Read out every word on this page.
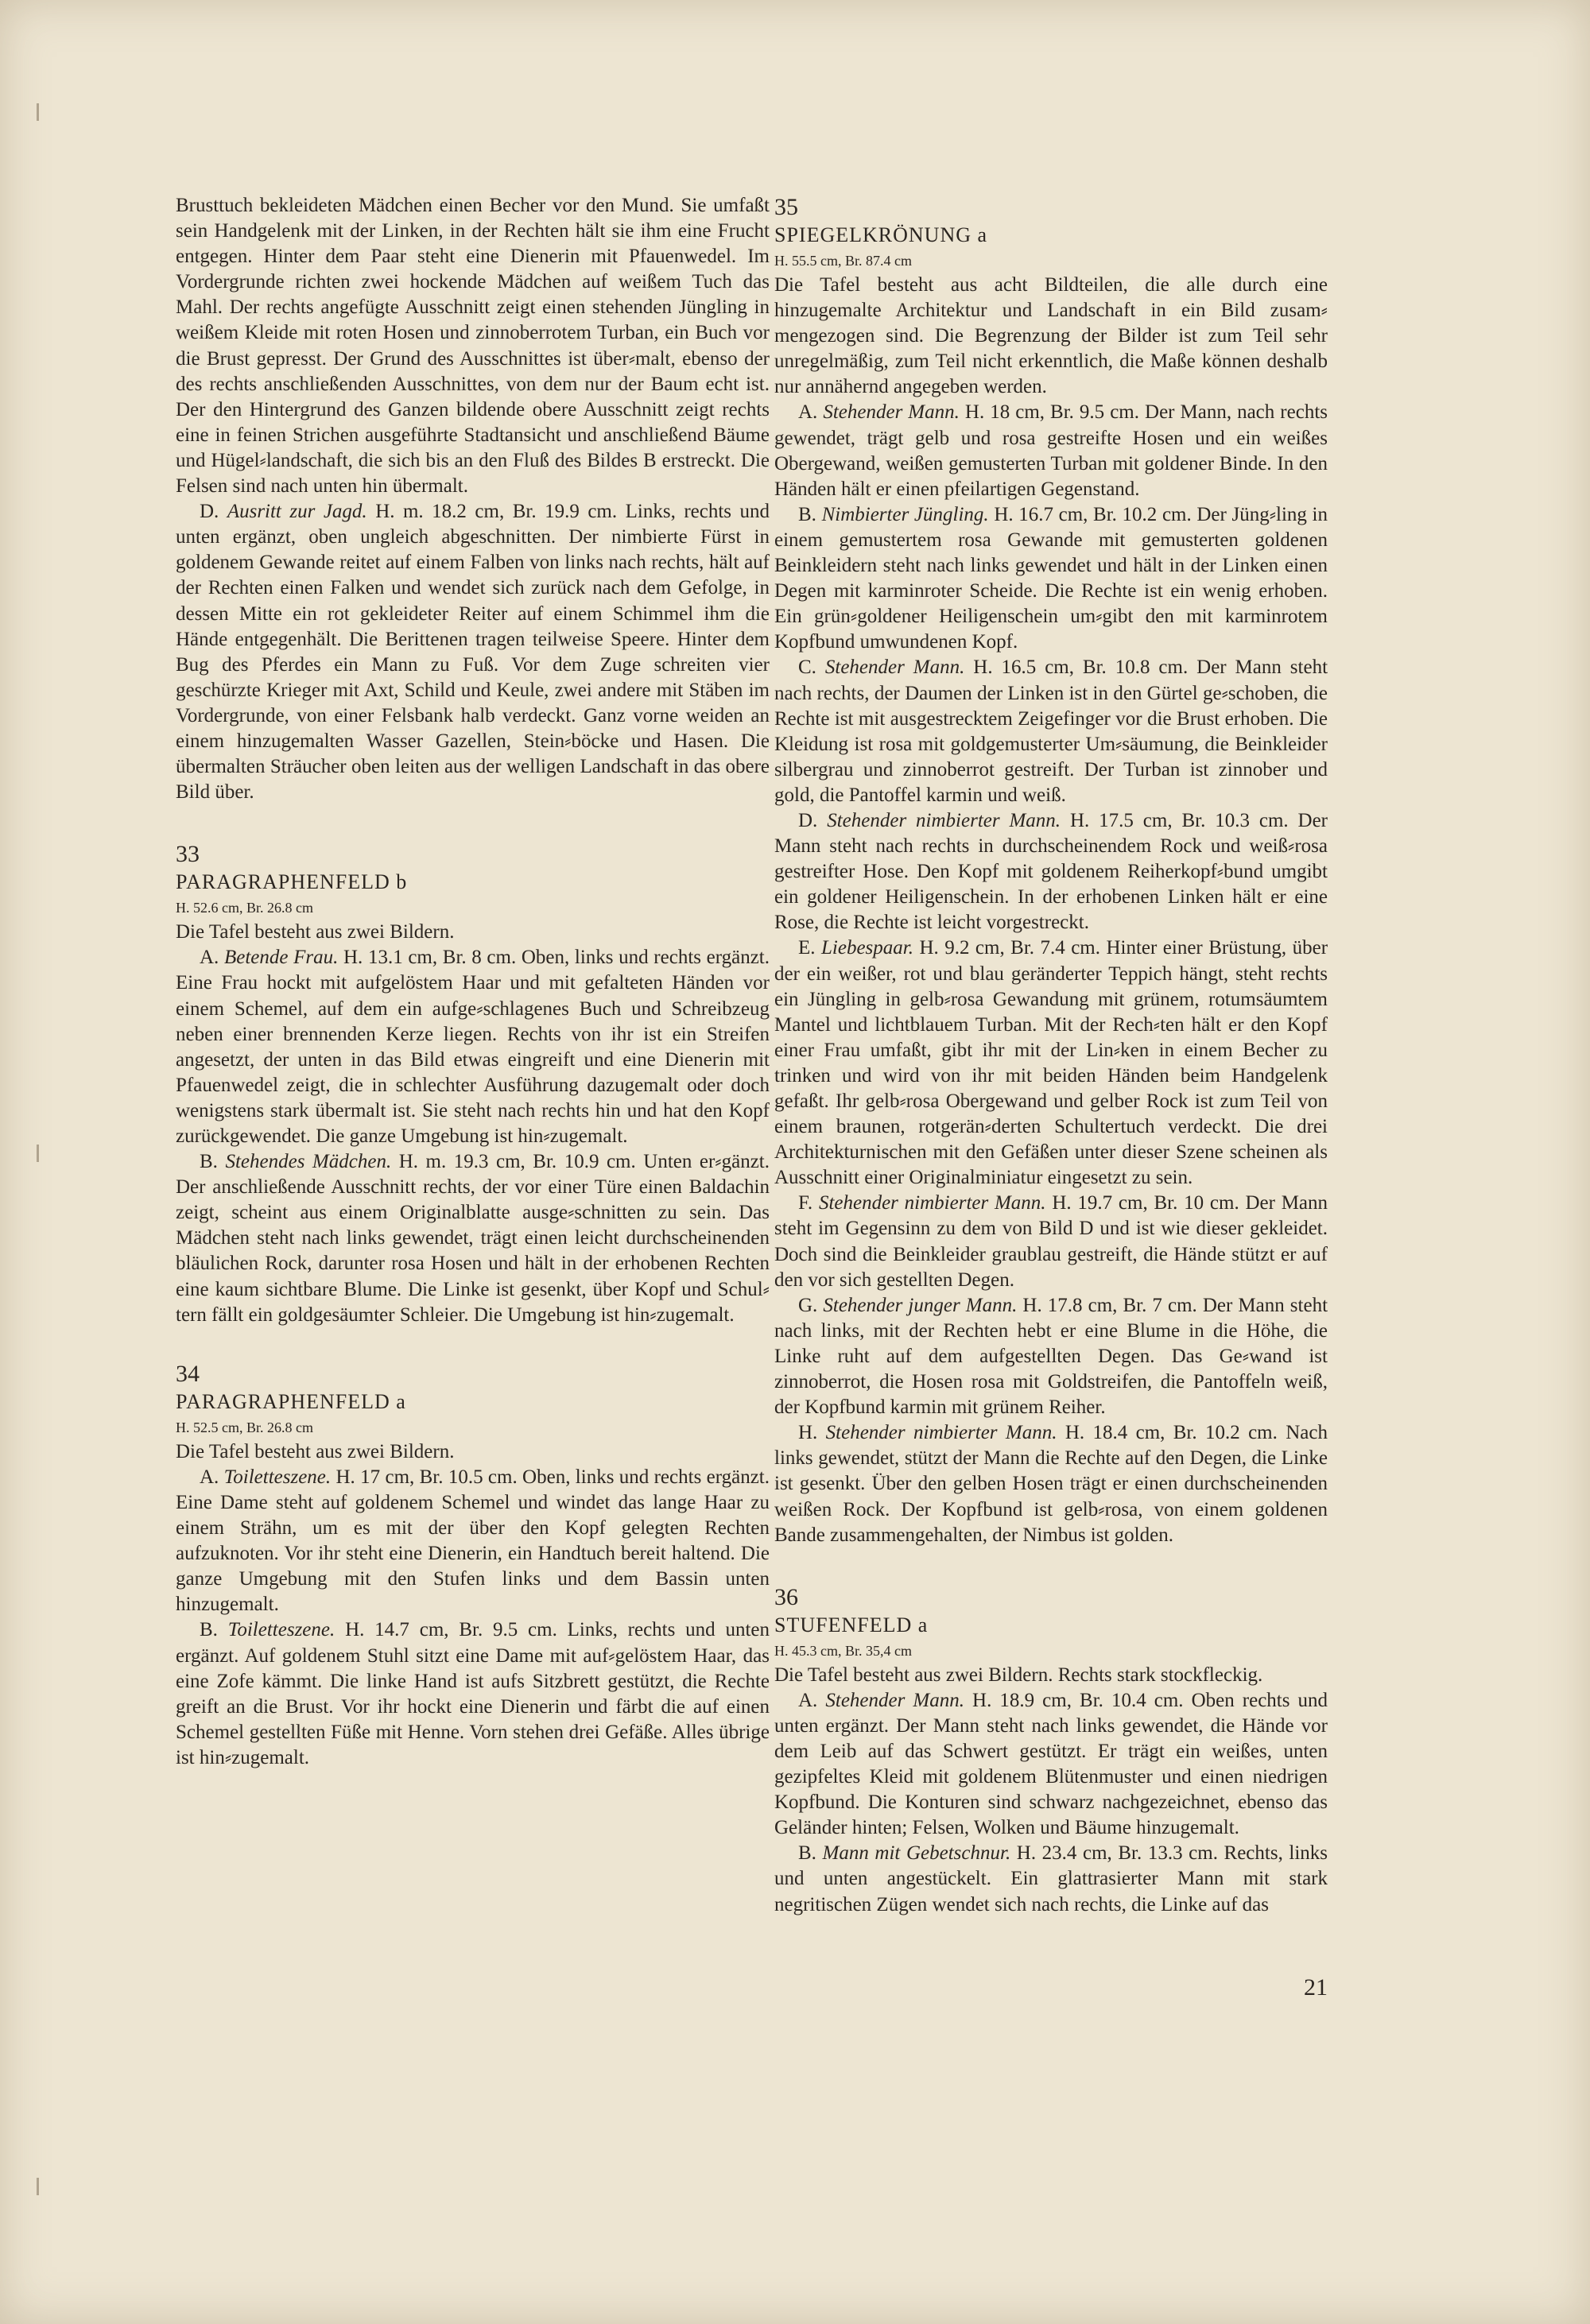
Brusttuch bekleideten Mädchen einen Becher vor den Mund. Sie umfaßt sein Handgelenk mit der Linken, in der Rechten hält sie ihm eine Frucht entgegen. Hinter dem Paar steht eine Dienerin mit Pfauenwedel. Im Vordergrunde richten zwei hockende Mädchen auf weißem Tuch das Mahl. Der rechts angefügte Ausschnitt zeigt einen stehenden Jüngling in weißem Kleide mit roten Hosen und zinnoberrotem Turban, ein Buch vor die Brust gepresst. Der Grund des Ausschnittes ist über⸗malt, ebenso der des rechts anschließenden Ausschnittes, von dem nur der Baum echt ist. Der den Hintergrund des Ganzen bildende obere Ausschnitt zeigt rechts eine in feinen Strichen ausgeführte Stadtansicht und anschließend Bäume und Hügel⸗landschaft, die sich bis an den Fluß des Bildes B erstreckt. Die Felsen sind nach unten hin übermalt.

D. Ausritt zur Jagd. H. m. 18.2 cm, Br. 19.9 cm. Links, rechts und unten ergänzt, oben ungleich abgeschnitten. Der nimbierte Fürst in goldenem Gewande reitet auf einem Falben von links nach rechts, hält auf der Rechten einen Falken und wendet sich zurück nach dem Gefolge, in dessen Mitte ein rot gekleideter Reiter auf einem Schimmel ihm die Hände entgegenhält. Die Berittenen tragen teilweise Speere. Hinter dem Bug des Pferdes ein Mann zu Fuß. Vor dem Zuge schreiten vier geschürzte Krieger mit Axt, Schild und Keule, zwei andere mit Stäben im Vordergrunde, von einer Felsbank halb verdeckt. Ganz vorne weiden an einem hinzugemalten Wasser Gazellen, Stein⸗böcke und Hasen. Die übermalten Sträucher oben leiten aus der welligen Landschaft in das obere Bild über.

33

PARAGRAPHENFELD b

H. 52.6 cm, Br. 26.8 cm

Die Tafel besteht aus zwei Bildern.

A. Betende Frau. H. 13.1 cm, Br. 8 cm. Oben, links und rechts ergänzt. Eine Frau hockt mit aufgelöstem Haar und mit gefalteten Händen vor einem Schemel, auf dem ein aufge⸗schlagenes Buch und Schreibzeug neben einer brennenden Kerze liegen. Rechts von ihr ist ein Streifen angesetzt, der unten in das Bild etwas eingreift und eine Dienerin mit Pfauenwedel zeigt, die in schlechter Ausführung dazugemalt oder doch wenigstens stark übermalt ist. Sie steht nach rechts hin und hat den Kopf zurückgewendet. Die ganze Umgebung ist hin⸗zugemalt.

B. Stehendes Mädchen. H. m. 19.3 cm, Br. 10.9 cm. Unten er⸗gänzt. Der anschließende Ausschnitt rechts, der vor einer Türe einen Baldachin zeigt, scheint aus einem Originalblatte ausge⸗schnitten zu sein. Das Mädchen steht nach links gewendet, trägt einen leicht durchscheinenden bläulichen Rock, darunter rosa Hosen und hält in der erhobenen Rechten eine kaum sichtbare Blume. Die Linke ist gesenkt, über Kopf und Schul⸗tern fällt ein goldgesäumter Schleier. Die Umgebung ist hin⸗zugemalt.

34

PARAGRAPHENFELD a

H. 52.5 cm, Br. 26.8 cm

Die Tafel besteht aus zwei Bildern.

A. Toiletteszene. H. 17 cm, Br. 10.5 cm. Oben, links und rechts ergänzt. Eine Dame steht auf goldenem Schemel und windet das lange Haar zu einem Strähn, um es mit der über den Kopf gelegten Rechten aufzuknoten. Vor ihr steht eine Dienerin, ein Handtuch bereit haltend. Die ganze Umgebung mit den Stufen links und dem Bassin unten hinzugemalt.

B. Toiletteszene. H. 14.7 cm, Br. 9.5 cm. Links, rechts und unten ergänzt. Auf goldenem Stuhl sitzt eine Dame mit auf⸗gelöstem Haar, das eine Zofe kämmt. Die linke Hand ist aufs Sitzbrett gestützt, die Rechte greift an die Brust. Vor ihr hockt eine Dienerin und färbt die auf einen Schemel gestellten Füße mit Henne. Vorn stehen drei Gefäße. Alles übrige ist hin⸗zugemalt.

35

SPIEGELKRÖNUNG a

H. 55.5 cm, Br. 87.4 cm

Die Tafel besteht aus acht Bildteilen, die alle durch eine hinzugemalte Architektur und Landschaft in ein Bild zusam⸗mengezogen sind. Die Begrenzung der Bilder ist zum Teil sehr unregelmäßig, zum Teil nicht erkenntlich, die Maße können deshalb nur annähernd angegeben werden.

A. Stehender Mann. H. 18 cm, Br. 9.5 cm. Der Mann, nach rechts gewendet, trägt gelb und rosa gestreifte Hosen und ein weißes Obergewand, weißen gemusterten Turban mit goldener Binde. In den Händen hält er einen pfeilartigen Gegenstand.

B. Nimbierter Jüngling. H. 16.7 cm, Br. 10.2 cm. Der Jüng⸗ling in einem gemustertem rosa Gewande mit gemusterten goldenen Beinkleidern steht nach links gewendet und hält in der Linken einen Degen mit karminroter Scheide. Die Rechte ist ein wenig erhoben. Ein grün⸗goldener Heiligenschein um⸗gibt den mit karminrotem Kopfbund umwundenen Kopf.

C. Stehender Mann. H. 16.5 cm, Br. 10.8 cm. Der Mann steht nach rechts, der Daumen der Linken ist in den Gürtel ge⸗schoben, die Rechte ist mit ausgestrecktem Zeigefinger vor die Brust erhoben. Die Kleidung ist rosa mit goldgemusterter Um⸗säumung, die Beinkleider silbergrau und zinnoberrot gestreift. Der Turban ist zinnober und gold, die Pantoffel karmin und weiß.

D. Stehender nimbierter Mann. H. 17.5 cm, Br. 10.3 cm. Der Mann steht nach rechts in durchscheinendem Rock und weiß⸗rosa gestreifter Hose. Den Kopf mit goldenem Reiherkopf⸗bund umgibt ein goldener Heiligenschein. In der erhobenen Linken hält er eine Rose, die Rechte ist leicht vorgestreckt.

E. Liebespaar. H. 9.2 cm, Br. 7.4 cm. Hinter einer Brüstung, über der ein weißer, rot und blau geränderter Teppich hängt, steht rechts ein Jüngling in gelb⸗rosa Gewandung mit grünem, rotumsäumtem Mantel und lichtblauem Turban. Mit der Rech⸗ten hält er den Kopf einer Frau umfaßt, gibt ihr mit der Lin⸗ken in einem Becher zu trinken und wird von ihr mit beiden Händen beim Handgelenk gefaßt. Ihr gelb⸗rosa Obergewand und gelber Rock ist zum Teil von einem braunen, rotgerän⸗derten Schultertuch verdeckt. Die drei Architekturnischen mit den Gefäßen unter dieser Szene scheinen als Ausschnitt einer Originalminiatur eingesetzt zu sein.

F. Stehender nimbierter Mann. H. 19.7 cm, Br. 10 cm. Der Mann steht im Gegensinn zu dem von Bild D und ist wie dieser gekleidet. Doch sind die Beinkleider graublau gestreift, die Hände stützt er auf den vor sich gestellten Degen.

G. Stehender junger Mann. H. 17.8 cm, Br. 7 cm. Der Mann steht nach links, mit der Rechten hebt er eine Blume in die Höhe, die Linke ruht auf dem aufgestellten Degen. Das Ge⸗wand ist zinnoberrot, die Hosen rosa mit Goldstreifen, die Pantoffeln weiß, der Kopfbund karmin mit grünem Reiher.

H. Stehender nimbierter Mann. H. 18.4 cm, Br. 10.2 cm. Nach links gewendet, stützt der Mann die Rechte auf den Degen, die Linke ist gesenkt. Über den gelben Hosen trägt er einen durchscheinenden weißen Rock. Der Kopfbund ist gelb⸗rosa, von einem goldenen Bande zusammengehalten, der Nimbus ist golden.

36

STUFENFELD a

H. 45.3 cm, Br. 35,4 cm

Die Tafel besteht aus zwei Bildern. Rechts stark stockfleckig.

A. Stehender Mann. H. 18.9 cm, Br. 10.4 cm. Oben rechts und unten ergänzt. Der Mann steht nach links gewendet, die Hände vor dem Leib auf das Schwert gestützt. Er trägt ein weißes, unten gezipfeltes Kleid mit goldenem Blütenmuster und einen niedrigen Kopfbund. Die Konturen sind schwarz nachgezeichnet, ebenso das Geländer hinten; Felsen, Wolken und Bäume hinzugemalt.

B. Mann mit Gebetschnur. H. 23.4 cm, Br. 13.3 cm. Rechts, links und unten angestückelt. Ein glattrasierter Mann mit stark negritischen Zügen wendet sich nach rechts, die Linke auf das

21
